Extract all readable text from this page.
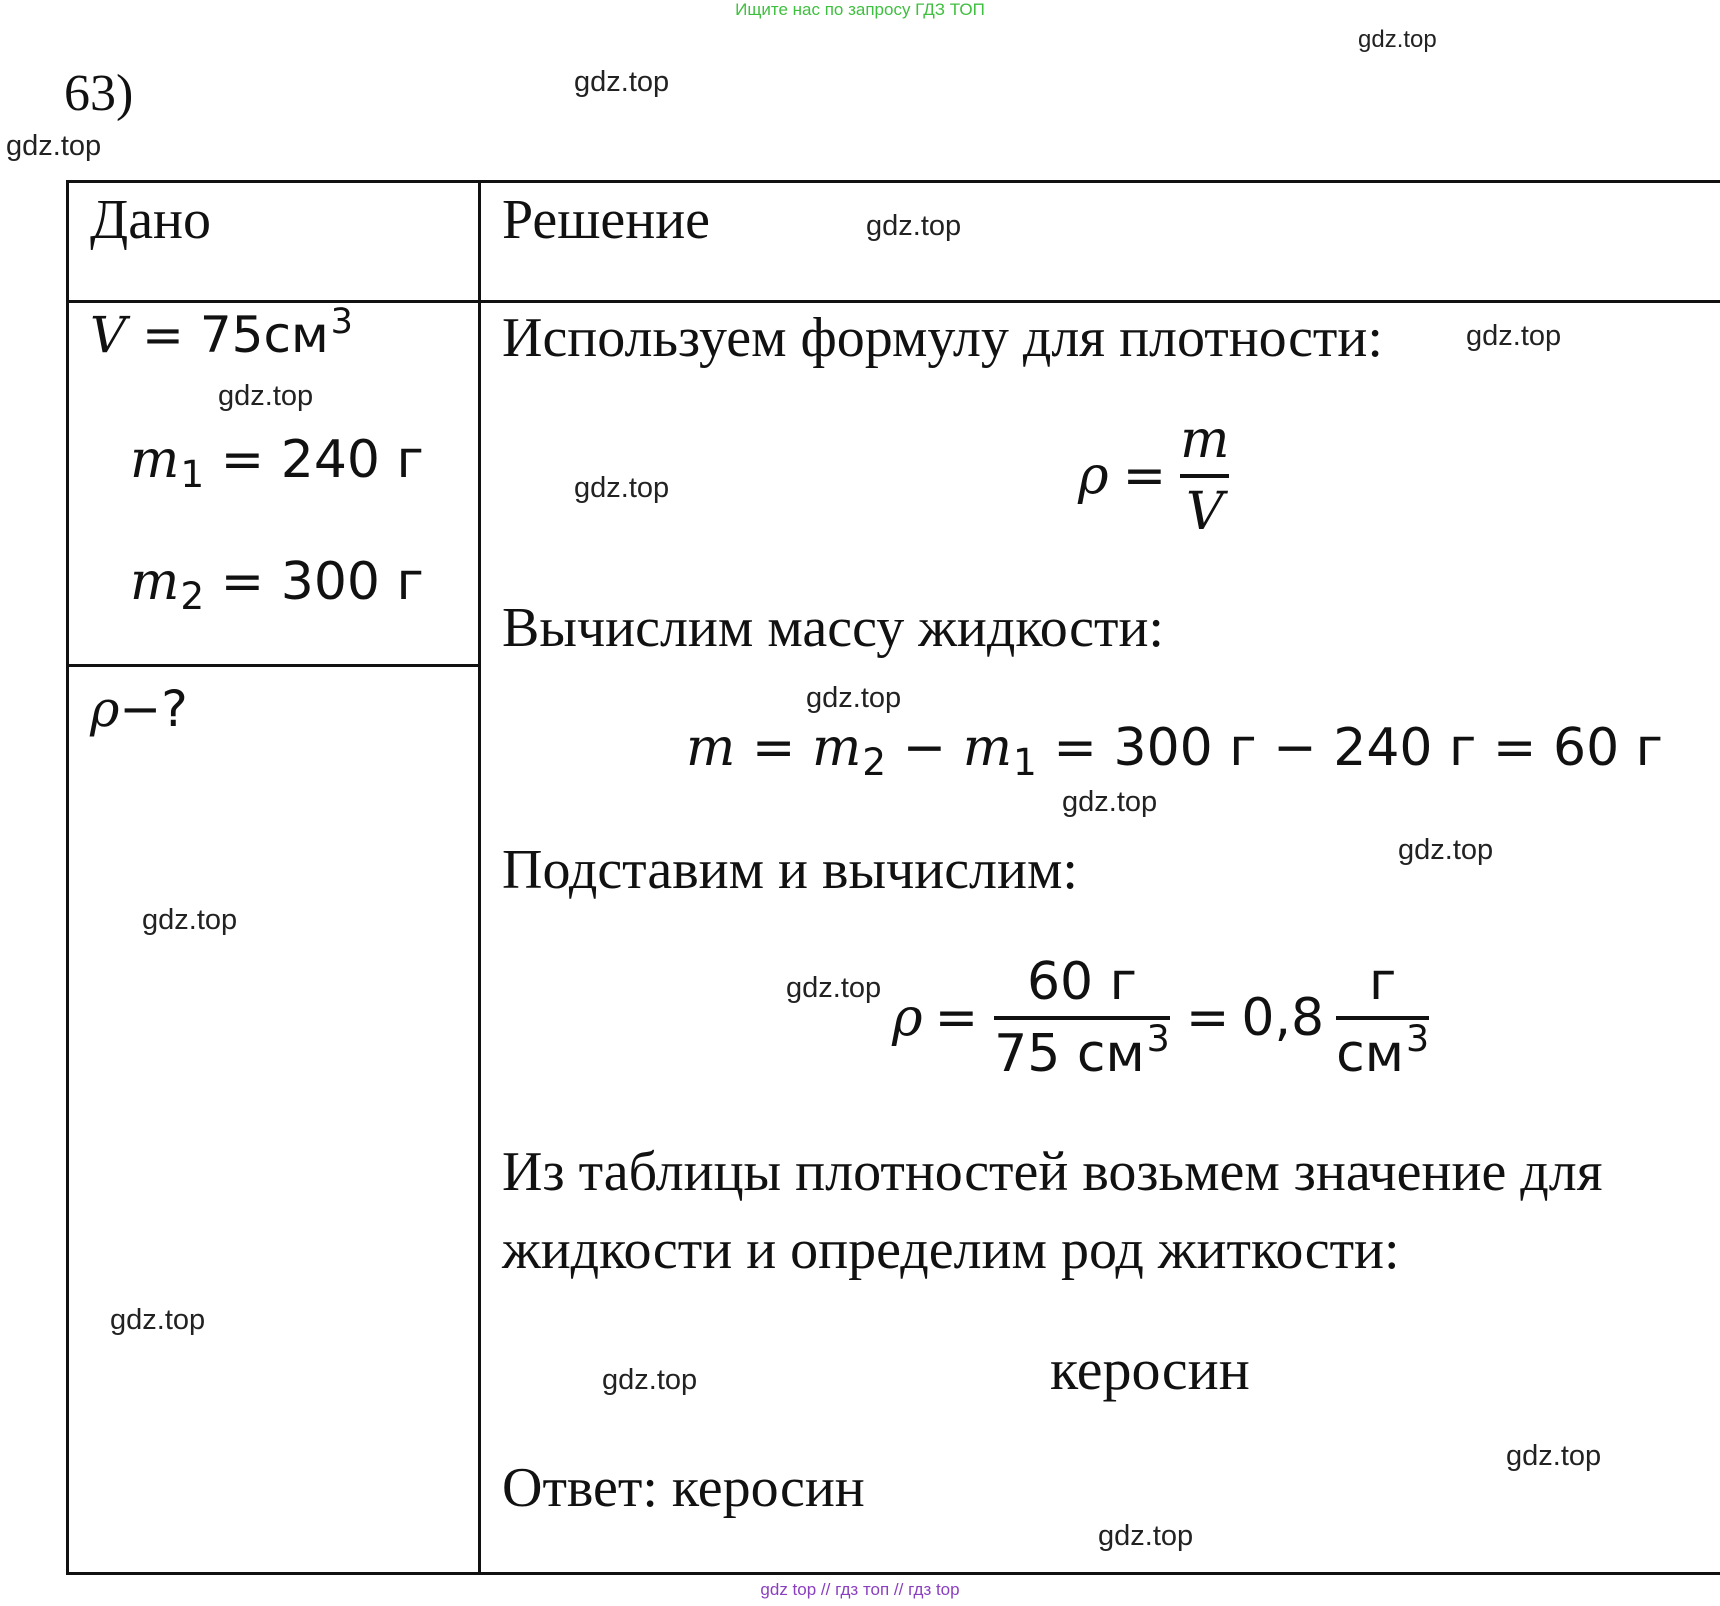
Ищите нас по запросу ГДЗ ТОП
63)
Дано	Решение
$V = 75см^3$
$m_1 = 240$ г
$m_2 = 300$ г
ρ−?
Используем формулу для плотности:
$\rho = \frac{m}{V}$
Вычислим массу жидкости:
$m = m_2 - m_1 = 300$ г − 240 г = 60 г
Подставим и вычислим:
$\rho = \frac{60 г}{75 см^3} = 0,8 \frac{г}{см^3}$
Из таблицы плотностей возьмем значение для
жидкости и определим род житкости:
керосин
Ответ: керосин
gdz.top
gdz.top
gdz.top
gdz.top
gdz.top
gdz.top
gdz.top
gdz.top
gdz.top
gdz.top
gdz.top
gdz.top
gdz.top
gdz.top
gdz.top
gdz.top
gdz top // гдз топ // гдз top
